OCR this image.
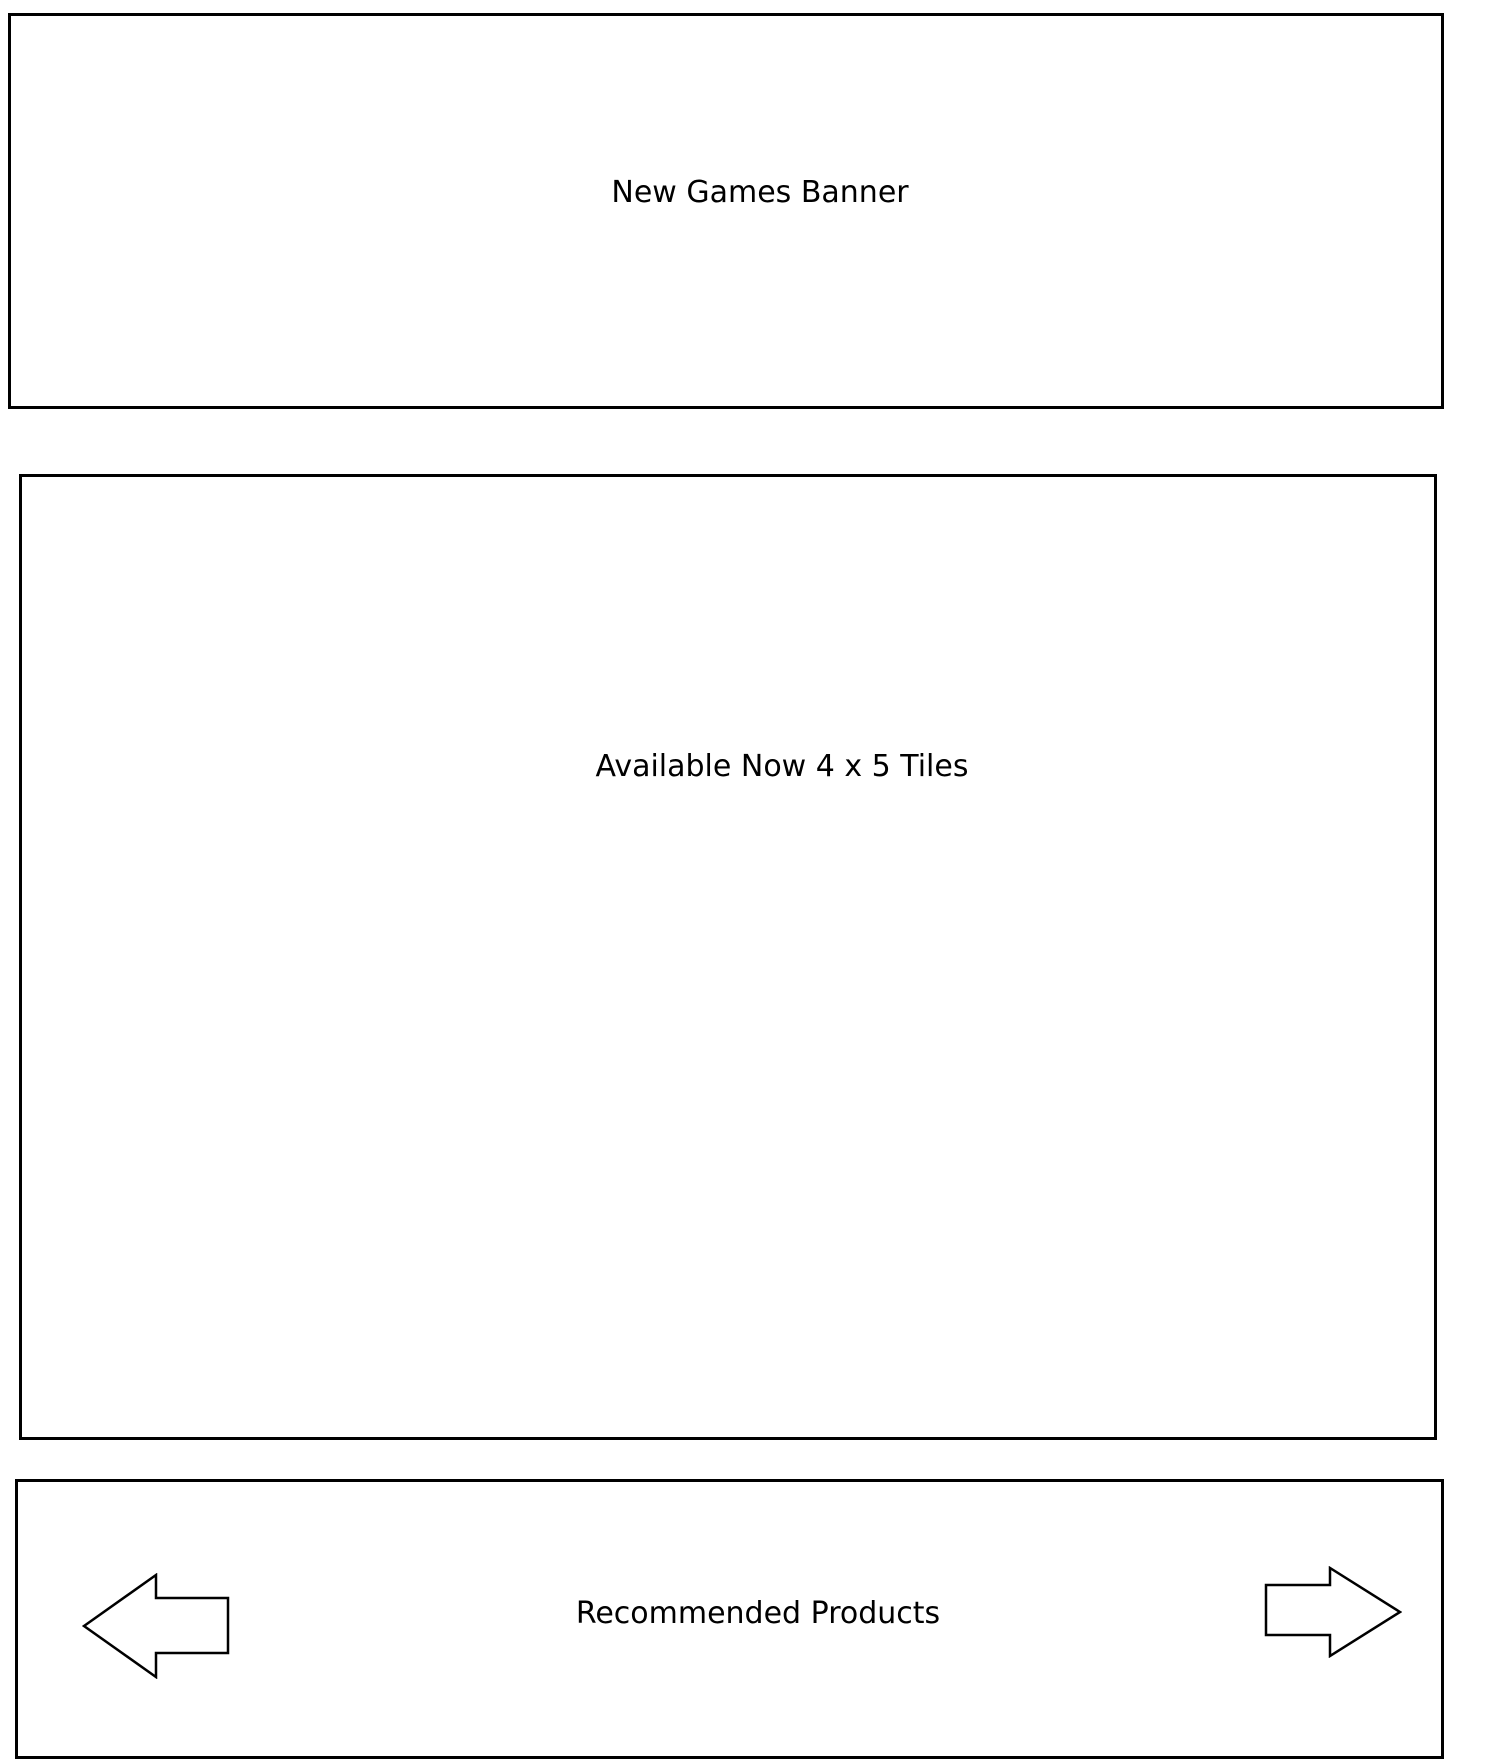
New Games Banner
Available Now 4 x 5 Tiles
Recommended Products
